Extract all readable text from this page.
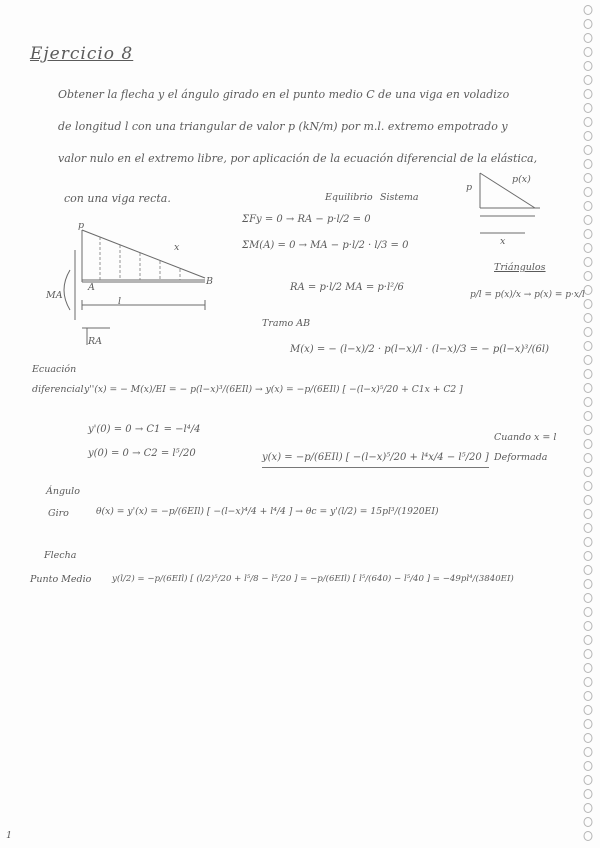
Ejercicio 8
Obtener la flecha y el ángulo girado en el punto medio C de una viga en voladizo
de longitud l con una triangular de valor p (kN/m) por m.l. extremo empotrado y
valor nulo en el extremo libre, por aplicación de la ecuación diferencial de la elástica,
con una viga recta.
p
B
MA
A
l
x
RA
Equilibrio Sistema
ΣFy = 0 → RA − p·l/2 = 0
ΣM(A) = 0 → MA − p·l/2 · l/3 = 0
RA = p·l/2 MA = p·l²/6
p
x
p(x)
Triángulos
p/l = p(x)/x → p(x) = p·x/l
Tramo AB
M(x) = − (l−x)/2 · p(l−x)/l · (l−x)/3 = − p(l−x)³/(6l)
Ecuación diferencial y''(x) = − M(x)/EI = − p(l−x)³/(6EIl) → y(x) = −p/(6EIl) [ −(l−x)⁵/20 + C1x + C2 ]
y'(0) = 0 → C1 = −l⁴/4
y(0) = 0 → C2 = l⁵/20	y(x) = −p/(6EIl) [ −(l−x)⁵/20 + l⁴x/4 − l⁵/20 ]
Cuando x = l Deformada
Ángulo
Giro	θ(x) = y'(x) = −p/(6EIl) [ −(l−x)⁴/4 + l⁴/4 ] → θc = y'(l/2) = 15pl³/(1920EI)
Flecha
Punto Medio y(l/2) = −p/(6EIl) [ (l/2)⁵/20 + l⁵/8 − l⁵/20 ] = −p/(6EIl) [ l⁵/(640) − l⁵/40 ] = −49pl⁴/(3840EI)
1
